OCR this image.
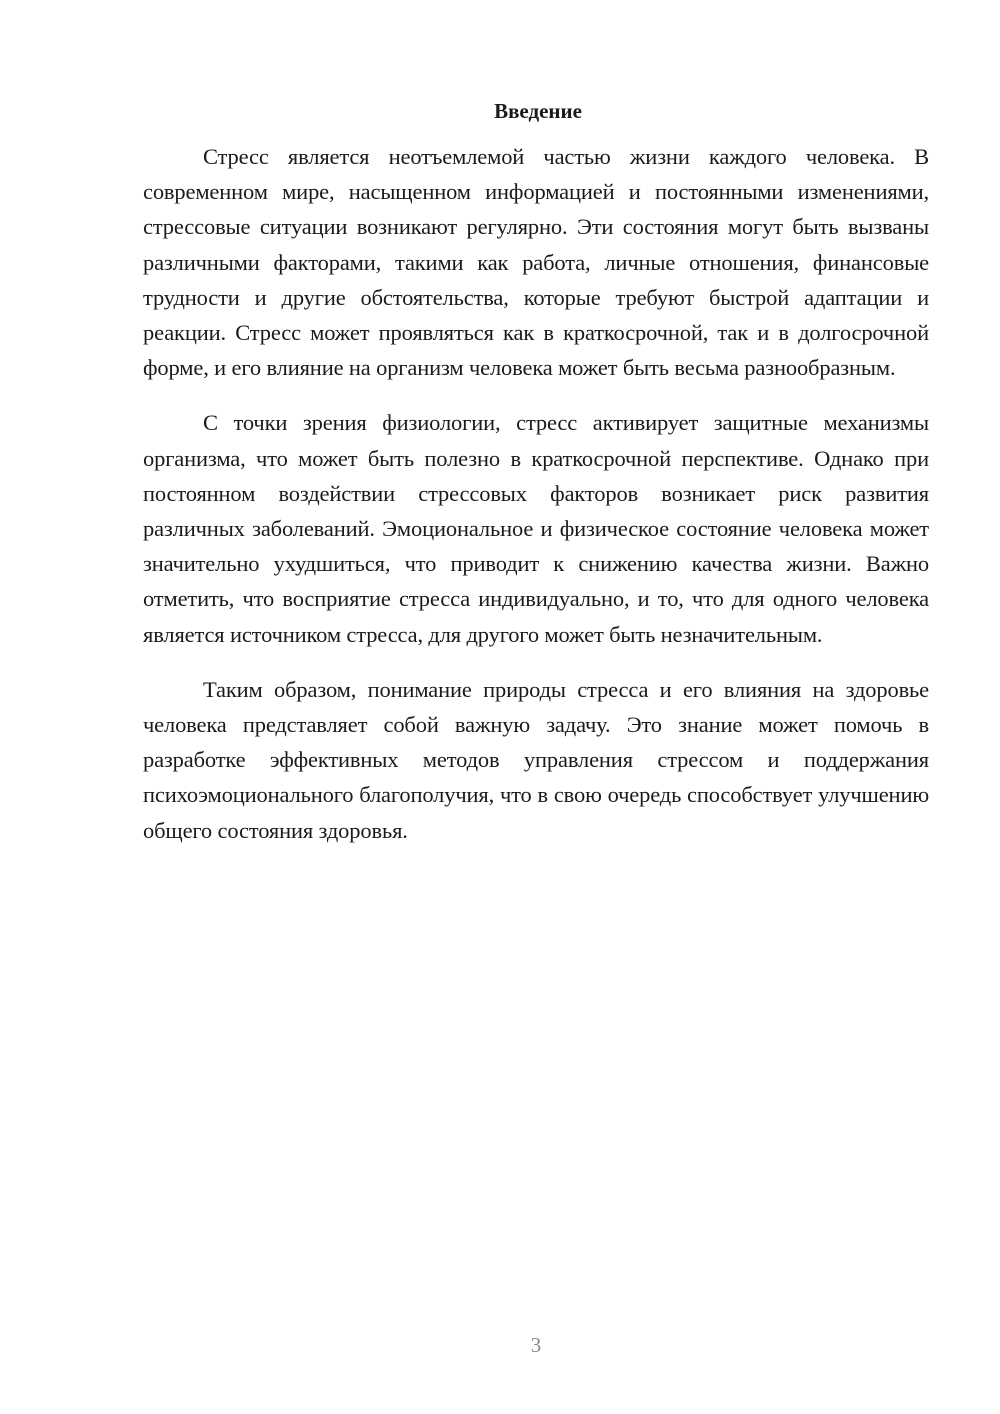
Введение

Стресс является неотъемлемой частью жизни каждого человека. В современном мире, насыщенном информацией и постоянными изменениями, стрессовые ситуации возникают регулярно. Эти состояния могут быть вызваны различными факторами, такими как работа, личные отношения, финансовые трудности и другие обстоятельства, которые требуют быстрой адаптации и реакции. Стресс может проявляться как в краткосрочной, так и в долгосрочной форме, и его влияние на организм человека может быть весьма разнообразным.

С точки зрения физиологии, стресс активирует защитные механизмы организма, что может быть полезно в краткосрочной перспективе. Однако при постоянном воздействии стрессовых факторов возникает риск развития различных заболеваний. Эмоциональное и физическое состояние человека может значительно ухудшиться, что приводит к снижению качества жизни. Важно отметить, что восприятие стресса индивидуально, и то, что для одного человека является источником стресса, для другого может быть незначительным.

Таким образом, понимание природы стресса и его влияния на здоровье человека представляет собой важную задачу. Это знание может помочь в разработке эффективных методов управления стрессом и поддержания психоэмоционального благополучия, что в свою очередь способствует улучшению общего состояния здоровья.

3
